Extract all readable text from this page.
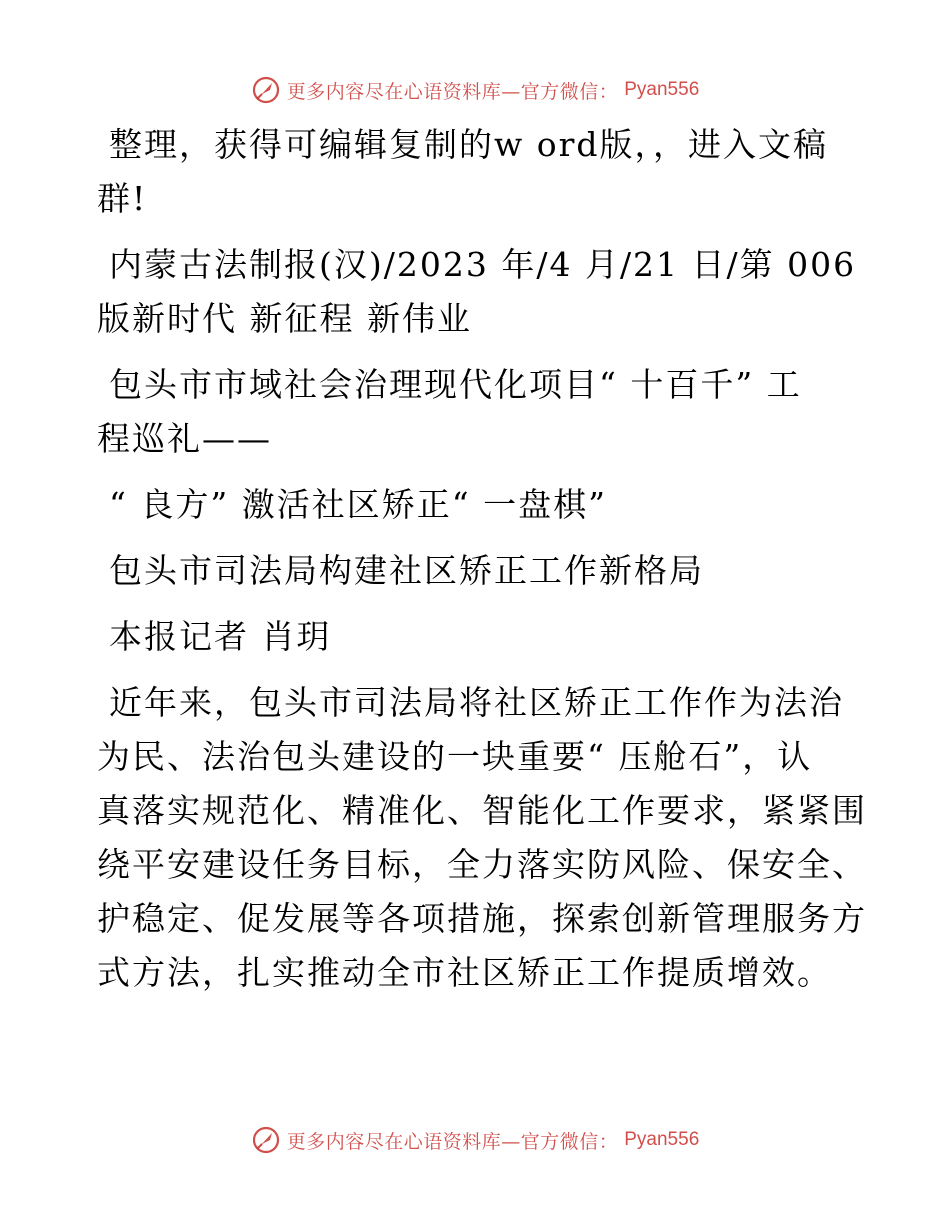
更多内容尽在心语资料库—官方微信： Pyan556
整理，获得可编辑复制的w ord版，，进入文稿
群!
内蒙古法制报(汉)/2023 年/4 月/21 日/第 006
版新时代 新征程 新伟业
包头市市域社会治理现代化项目“ 十百千” 工
程巡礼——
“ 良方” 激活社区矫正“ 一盘棋”
包头市司法局构建社区矫正工作新格局
本报记者 肖玥
近年来，包头市司法局将社区矫正工作作为法治
为民、法治包头建设的一块重要“ 压舱石”，认
真落实规范化、精准化、智能化工作要求，紧紧围
绕平安建设任务目标，全力落实防风险、保安全、
护稳定、促发展等各项措施，探索创新管理服务方
式方法，扎实推动全市社区矫正工作提质增效。
更多内容尽在心语资料库—官方微信： Pyan556
